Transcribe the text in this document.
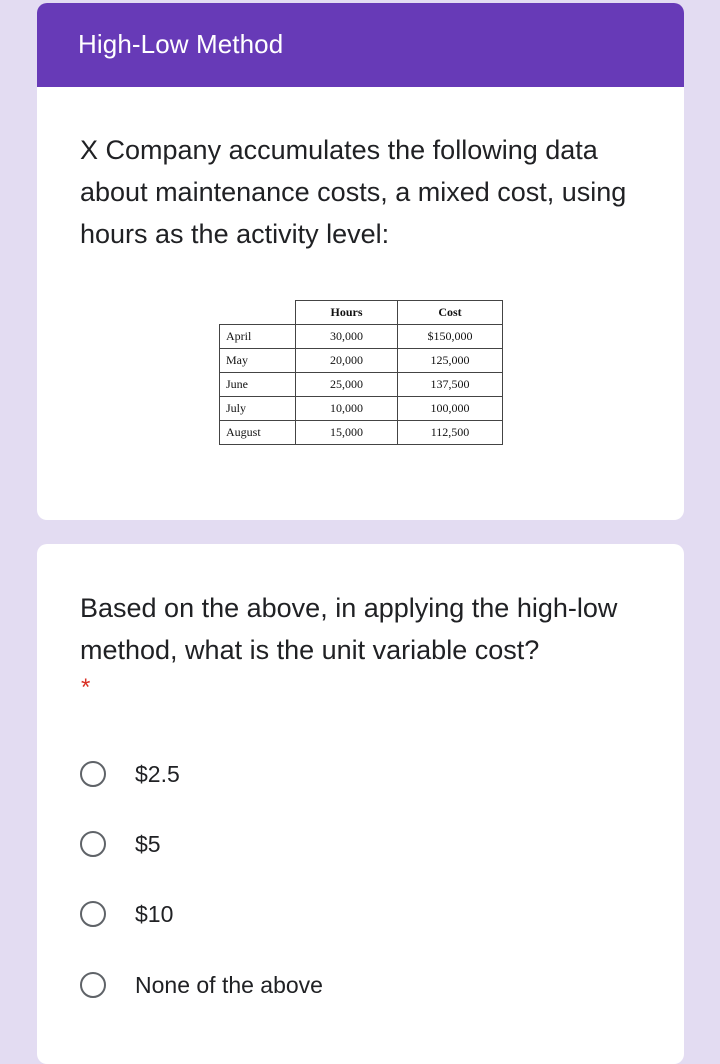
High-Low Method
X Company accumulates the following data about maintenance costs, a mixed cost, using hours as the activity level:
	Hours	Cost
April	30,000	$150,000
May	20,000	125,000
June	25,000	137,500
July	10,000	100,000
August	15,000	112,500
Based on the above, in applying the high-low method, what is the unit variable cost?
*
$2.5
$5
$10
None of the above
